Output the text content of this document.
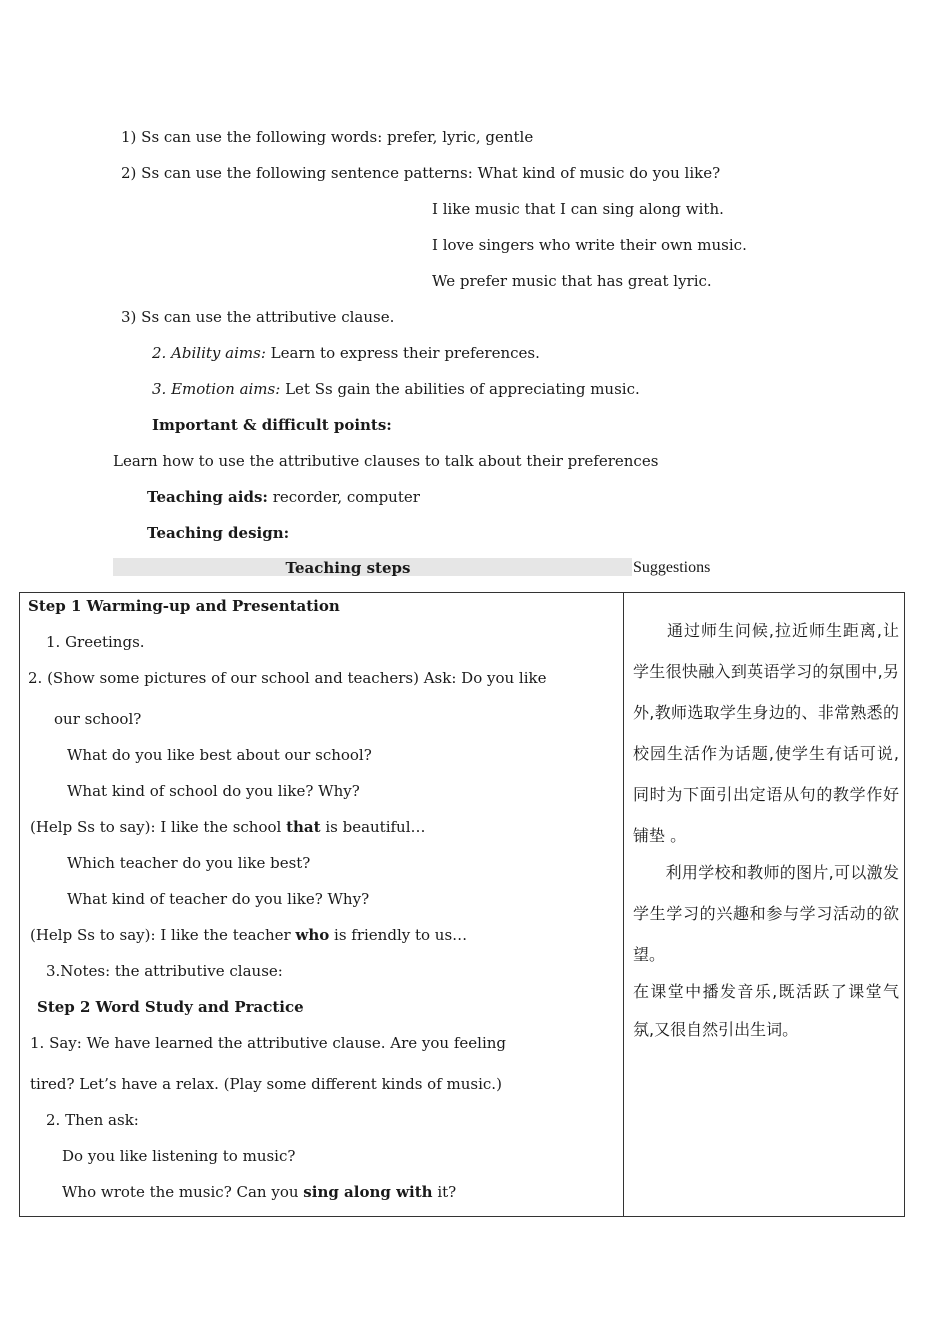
1) Ss can use the following words: prefer, lyric, gentle
2) Ss can use the following sentence patterns: What kind of music do you like?
I like music that I can sing along with.
I love singers who write their own music.
We prefer music that has great lyric.
3) Ss can use the attributive clause.
2. Ability aims: Learn to express their preferences.
3. Emotion aims: Let Ss gain the abilities of appreciating music.
Important & difficult points:
Learn how to use the attributive clauses to talk about their preferences
Teaching aids: recorder, computer
Teaching design:
Teaching steps	Suggestions
Step 1 Warming-up and Presentation
1. Greetings.
2. (Show some pictures of our school and teachers) Ask: Do you like
our school?
What do you like best about our school?
What kind of school do you like? Why?
(Help Ss to say): I like the school that is beautiful…
Which teacher do you like best?
What kind of teacher do you like? Why?
(Help Ss to say): I like the teacher who is friendly to us…
3.Notes: the attributive clause:
Step 2 Word Study and Practice
1. Say: We have learned the attributive clause. Are you feeling
tired? Let’s have a relax. (Play some different kinds of music.)
2. Then ask:
Do you like listening to music?
Who wrote the music? Can you sing along with it?
　　通过师生问候,拉近师生距离,让学生很快融入到英语学习的氛围中,另外,教师选取学生身边的、非常熟悉的校园生活作为话题,使学生有话可说,同时为下面引出定语从句的教学作好铺垫 。
　　利用学校和教师的图片,可以激发学生学习的兴趣和参与学习活动的欲望。
在课堂中播发音乐,既活跃了课堂气氛,又很自然引出生词。
